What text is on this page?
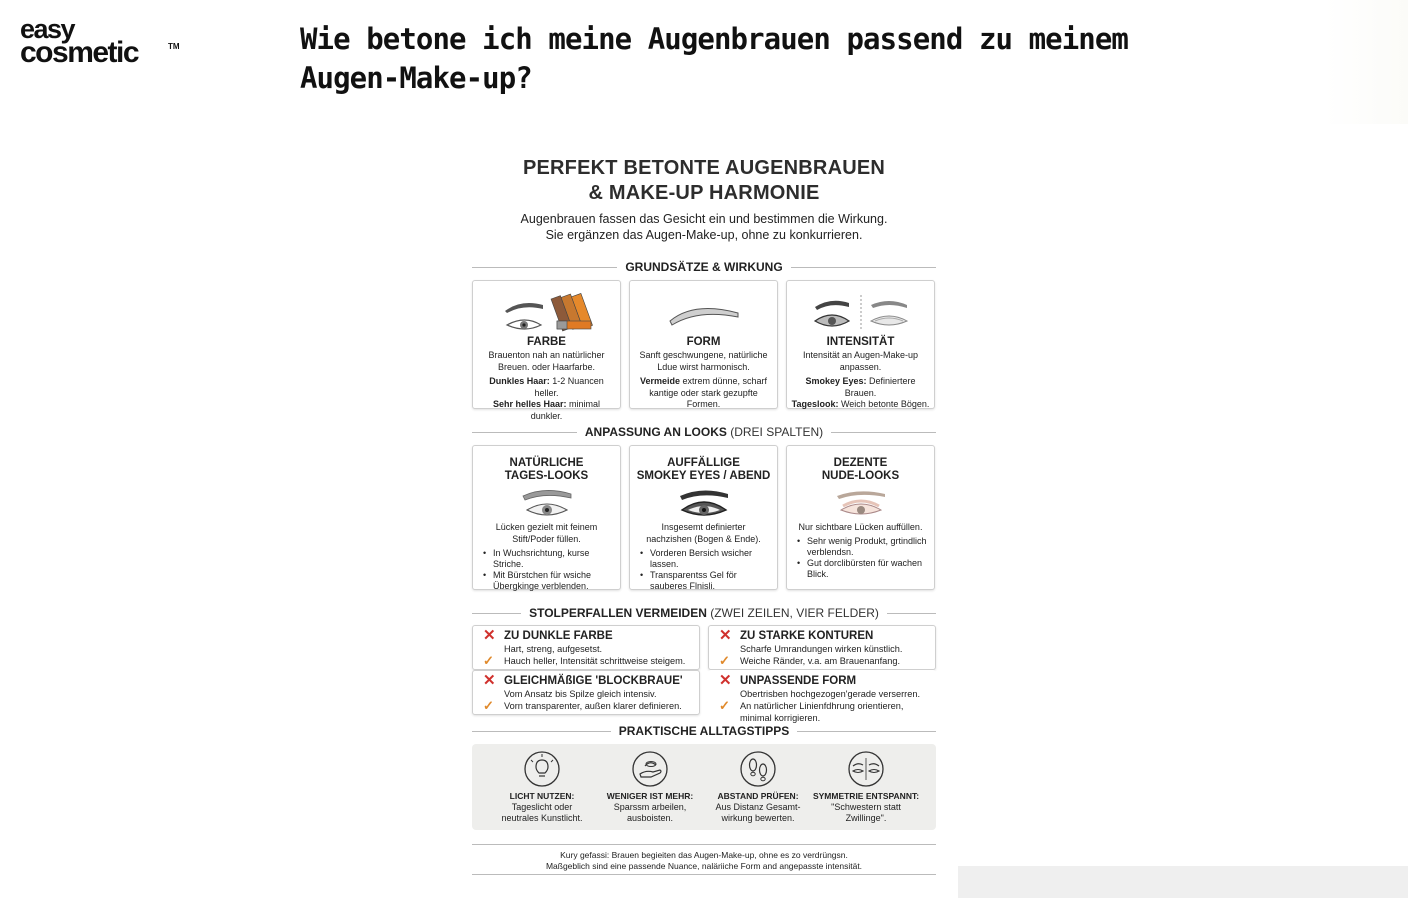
easy
cosmetic	TM	Wie betone ich meine Augenbrauen passend zu meinem Augen-Make-up?
PERFEKT BETONTE AUGENBRAUEN
& MAKE-UP HARMONIE
Augenbrauen fassen das Gesicht ein und bestimmen die Wirkung.
Sie ergänzen das Augen-Make-up, ohne zu konkurrieren.
GRUNDSÄTZE & WIRKUNG
FARBE
Brauenton nah an natürlicher
Breuen. oder Haarfarbe.
Dunkles Haar: 1-2 Nuancen heller.
Sehr helles Haar: minimal dunkler.
FORM
Sanft geschwungene, natürliche
Ldue wirst harmonisch.
Vermeide extrem dünne, scharf
kantige oder stark gezupfte Formen.
INTENSITÄT
Intensität an Augen-Make-up
anpassen.
Smokey Eyes: Definiertere Brauen.
Tageslook: Weich betonte Bögen.
ANPASSUNG AN LOOKS (DREI SPALTEN)
NATÜRLICHE
TAGES-LOOKS
Lücken gezielt mit feinem
Stift/Poder füllen.
• In Wuchsrichtung, kurse Striche.
• Mit Bürstchen für wsiche Übergkinge verblenden.
AUFFÄLLIGE
SMOKEY EYES / ABEND
Insgesemt definierter
nachzishen (Bogen & Ende).
• Vorderen Bersich wsicher lassen.
• Transparentss Gel för sauberes Flnisli.
DEZENTE
NUDE-LOOKS
Nur sichtbare Lücken auffüllen.
• Sehr wenig Produkt, grtindlich verblendsn.
• Gut dorclibürsten für wachen Blick.
STOLPERFALLEN VERMEIDEN (ZWEI ZEILEN, VIER FELDER)
✕ ZU DUNKLE FARBE
Hart, streng, aufgesetst.
✓ Hauch heller, Intensität schrittweise steigem.
✕ ZU STARKE KONTUREN
Scharfe Umrandungen wirken künstlich.
✓ Weiche Ränder, v.a. am Brauenanfang.
✕ GLEICHMÄßIGE 'BLOCKBRAUE'
Vom Ansatz bis Spilze gleich intensiv.
✓ Vorn transparenter, außen klarer definieren.
✕ UNPASSENDE FORM
Obertrisben hochgezogen'gerade verserren.
✓ An natürlicher Linienfdhrung orientieren,
minimal korrigieren.
PRAKTISCHE ALLTAGSTIPPS
LICHT NUTZEN:
Tageslicht oder
neutrales Kunstlicht.
WENIGER IST MEHR:
Sparssm arbeilen,
ausboisten.
ABSTAND PRÜFEN:
Aus Distanz Gesamt-
wirkung bewerten.
SYMMETRIE ENTSPANNT:
"Schwestern statt
Zwillinge".
Kury gefassi: Brauen begieiten das Augen-Make-up, ohne es zo verdrüngsn.
Maßgeblich sind eine passende Nuance, naläriiche Form and angepasste intensität.
